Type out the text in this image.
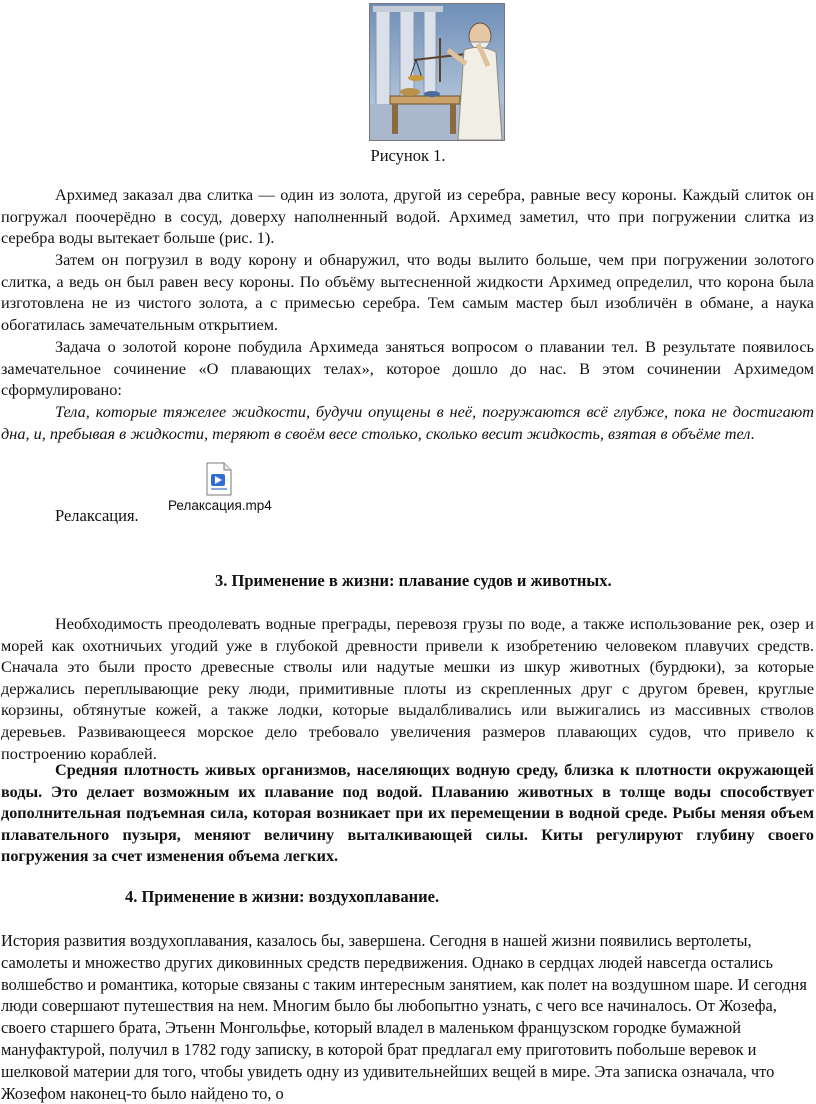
Рисунок 1.

Архимед заказал два слитка — один из золота, другой из серебра, равные весу короны. Каждый слиток он погружал поочерёдно в сосуд, доверху наполненный водой. Архимед заметил, что при погружении слитка из серебра воды вытекает больше (рис. 1).

Затем он погрузил в воду корону и обнаружил, что воды вылито больше, чем при погружении золотого слитка, а ведь он был равен весу короны. По объёму вытесненной жидкости Архимед определил, что корона была изготовлена не из чистого золота, а с примесью серебра. Тем самым мастер был изобличён в обмане, а наука обогатилась замечательным открытием.

Задача о золотой короне побудила Архимеда заняться вопросом о плавании тел. В результате появилось замечательное сочинение «О плавающих телах», которое дошло до нас. В этом сочинении Архимедом сформулировано:

Тела, которые тяжелее жидкости, будучи опущены в неё, погружаются всё глубже, пока не достигают дна, и, пребывая в жидкости, теряют в своём весе столько, сколько весит жидкость, взятая в объёме тел.

Релаксация.
Релаксация.mp4
3. Применение в жизни: плавание судов и животных.

Необходимость преодолевать водные преграды, перевозя грузы по воде, а также использование рек, озер и морей как охотничьих угодий уже в глубокой древности привели к изобретению человеком плавучих средств. Сначала это были просто древесные стволы или надутые мешки из шкур животных (бурдюки), за которые держались переплывающие реку люди, примитивные плоты из скрепленных друг с другом бревен, круглые корзины, обтянутые кожей, а также лодки, которые выдалбливались или выжигались из массивных стволов деревьев. Развивающееся морское дело требовало увеличения размеров плавающих судов, что привело к построению кораблей.

Средняя плотность живых организмов, населяющих водную среду, близка к плотности окружающей воды. Это делает возможным их плавание под водой. Плаванию животных в толще воды способствует дополнительная подъемная сила, которая возникает при их перемещении в водной среде. Рыбы меняя объем плавательного пузыря, меняют величину выталкивающей силы. Киты регулируют глубину своего погружения за счет изменения объема легких.

4. Применение в жизни: воздухоплавание.

История развития воздухоплавания, казалось бы, завершена. Сегодня в нашей жизни появились вертолеты, самолеты и множество других диковинных средств передвижения. Однако в сердцах людей навсегда остались волшебство и романтика, которые связаны с таким интересным занятием, как полет на воздушном шаре. И сегодня люди совершают путешествия на нем. Многим было бы любопытно узнать, с чего все начиналось. От Жозефа, своего старшего брата, Этьенн Монгольфье, который владел в маленьком французском городке бумажной мануфактурой, получил в 1782 году записку, в которой брат предлагал ему приготовить побольше веревок и шелковой материи для того, чтобы увидеть одну из удивительнейших вещей в мире. Эта записка означала, что Жозефом наконец-то было найдено то, о
